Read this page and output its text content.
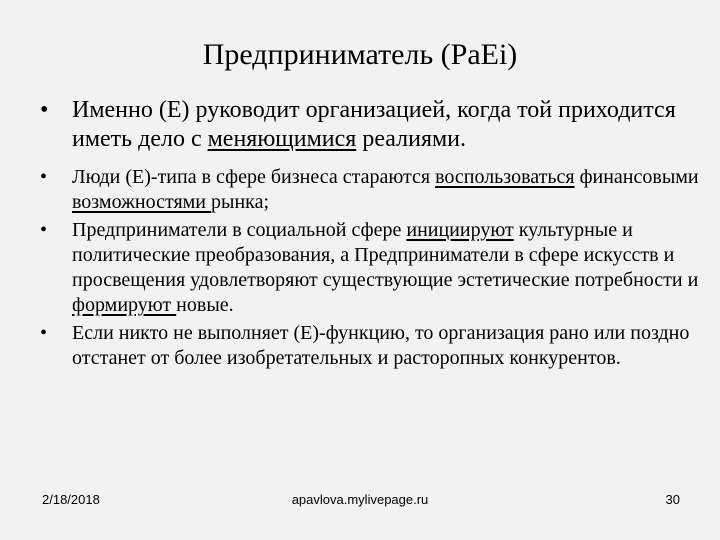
Предприниматель (PaEi)
• Именно (E) руководит организацией, когда той приходится иметь дело с меняющимися реалиями.
• Люди (E)-типа в сфере бизнеса стараются воспользоваться финансовыми возможностями рынка;
• Предприниматели в социальной сфере инициируют культурные и политические преобразования, а Предприниматели в сфере искусств и просвещения удовлетворяют существующие эстетические потребности и формируют новые.
• Если никто не выполняет (E)-функцию, то организация рано или поздно отстанет от более изобретательных и расторопных конкурентов.
2/18/2018	apavlova.mylivepage.ru	30
